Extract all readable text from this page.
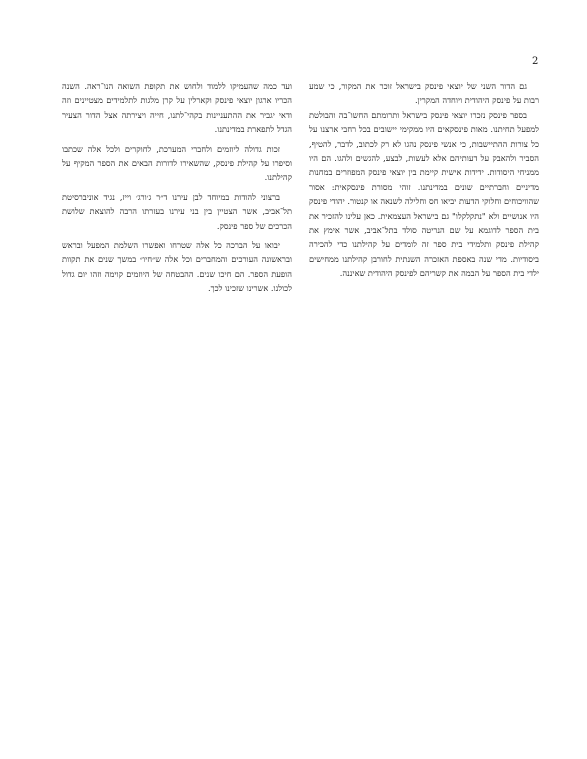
2

גם הדור השני של יוצאי פינסק בישראל זוכר את המקור, כי שמע רבות על פינסק היהודית ויוחדה המקרין.

בספר פינסק נזכרו יוצאי פינסק בישראל ותרומתם החשו־בה והבולטת למפעל תחיתנו. מאות פינסקאים היו ממקימי יישובים בכל רחבי ארצנו על כל צורות ההתיישבות, כי אנשי פינסק נהגו לא רק לכתוב, לדבר, להטיף, הסביר ולהאבק על דעותיהם אלא לעשות, לבצע, להגשים ולהגו. הם היו ממניחי היסודות. ידידות אישית קיימת בין יוצאי פינסק המפוזרים במחנות מדיניים וחברתיים שונים במדינתנו. זוהי מסורת פינסקאית: אסור שהוויכוחים וחלוקי הדעות יביאו חס וחלילה לשנאה או קנטור. יהודי פינסק היו אנושיים ולא "נתקלקלו" גם בישראל העצמאית. כאן עלינו להזכיר את בית הספר לדוגמא על שם הנריטה סולד בתל־אביב, אשר אימץ את קהילת פינסק ותלמידי בית ספר זה לומדים על קהילתנו כדי להכירה ביסודיות. מדי שנה באספת האזכרה השנתית לחורבן קהילתנו ממחישים ילדי בית הספר על הבמה את קשריהם לפינסק היהודית שאיננה.

ועד כמה שהעמיקו ללמוד ולחוש את תקופת השואה הנו־ראה. השנה הכריו ארגון יוצאי פינסק וקארלין על קרן מלגות לתלמידים מצטיינים וזה ודאי יגביר את ההתעניינות בקהי־לתנו, חייה ויצירתה אצל הדור הצעיר הגדל לתפארת במדינתנו.

זכות גדולה ליוזמים ולחברי המערכת, לחוקרים ולכל אלה שכתבו וסיפרו על קהילת פינסק, שהשאירו לדורות הבאים את הספר המקיף על קהילתנו.

ברצוני להודות במיוחד לבן עירנו ד״ר ג׳ורג׳ וייז, נגיד אוניברסיטת תל־אביב, אשר הצטיין בין בני עירנו בעזרתו הרבה להוצאת שלושת הכרכים של ספר פינסק.

יבואו על הברכה כל אלה שטרחו ואפשרו השלמת המפעל ובראש ובראשונה העורכים והמחברים וכל אלה ש״חיו״ במשך שנים את תקוות הופעת הספר. הם חיכו שנים. ההבטחה של היוזמים קוימה וזהו יום גדול לכולנו. אשרינו שזכינו לכך.
